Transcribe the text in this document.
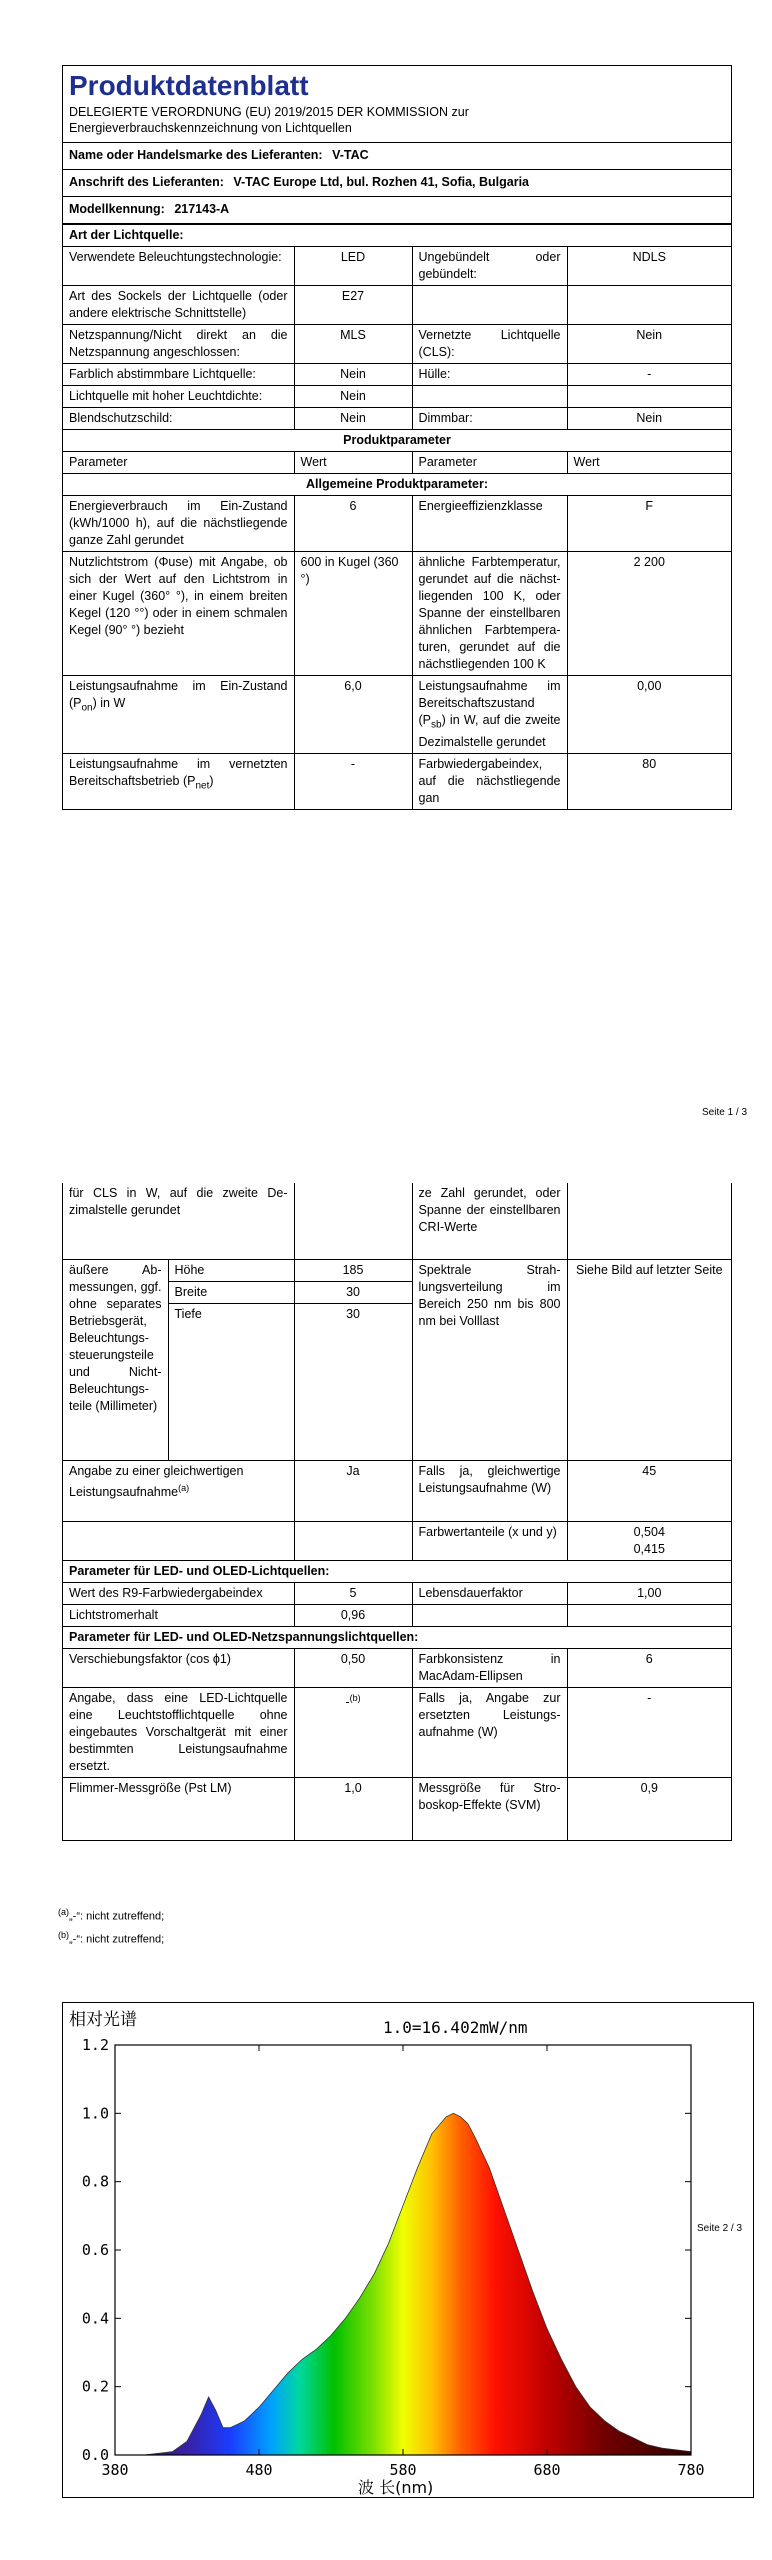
Produktdatenblatt
DELEGIERTE VERORDNUNG (EU) 2019/2015 DER KOMMISSION zur
Energieverbrauchskennzeichnung von Lichtquellen
Name oder Handelsmarke des Lieferanten: V-TAC
Anschrift des Lieferanten: V-TAC Europe Ltd, bul. Rozhen 41, Sofia, Bulgaria
Modellkennung: 217143-A
Art der Lichtquelle:			
Verwendete Beleuchtungstechnologie:	LED	Ungebündelt oder gebündelt:	NDLS
Art des Sockels der Lichtquelle (oder andere elektrische Schnittstelle)	E27		
Netzspannung/Nicht direkt an die Netzspannung angeschlossen:	MLS	Vernetzte Lichtquelle (CLS):	Nein
Farblich abstimmbare Lichtquelle:	Nein	Hülle:	-
Lichtquelle mit hoher Leuchtdichte:	Nein		
Blendschutzschild:	Nein	Dimmbar:	Nein
Produktparameter			
Parameter	Wert	Parameter	Wert
Allgemeine Produktparameter:			
Energieverbrauch im Ein-Zustand (kWh/1000 h), auf die nächstliegende ganze Zahl gerundet	6	Energieeffizienzklasse	F
Nutzlichtstrom (Φuse) mit Angabe, ob sich der Wert auf den Lichtstrom in einer Kugel (360° °), in einem breiten Kegel (120 °°) oder in einem schmalen Kegel (90° °) bezieht	600 in Kugel (360 °)	ähnliche Farbtemperatur, gerundet auf die nächstliegenden 100 K, oder Spanne der einstellbaren ähnlichen Farbtemperaturen, gerundet auf die nächstliegenden 100 K	2 200
Leistungsaufnahme im Ein-Zustand $(P_{on})$ in W	6,0	Leistungsaufnahme im Bereitschaftszustand $(P_{sb})$ in W, auf die zweite Dezimalstelle gerundet	0,00
Leistungsaufnahme im vernetzten Bereitschaftsbetrieb $(P_{net})$	-	Farbwiedergabeindex, auf die nächstliegende gan	80
Seite 1 / 3
für CLS in W, auf die zweite Dezimalstelle gerundet			ze Zahl gerundet, oder Spanne der einstellbaren CRI-Werte	
äußere Abmessungen, ggf. ohne separates Betriebsgerät, Beleuchtungssteuerungsteile und Nicht-Beleuchtungsteile (Millimeter)	Höhe	185	Spektrale Strahlungsverteilung im Bereich 250 nm bis 800 nm bei Volllast	Siehe Bild auf letzter Seite
	Breite	30		
	Tiefe	30		
Angabe zu einer gleichwertigen Leistungsaufnahme$^{(a)}$		Ja	Falls ja, gleichwertige Leistungsaufnahme (W)	45
			Farbwertanteile (x und y)	0,504
0,415

Parameter für LED- und OLED-Lichtquellen:				
Wert des R9-Farbwiedergabeindex		5	Lebensdauerfaktor	1,00
Lichtstromerhalt		0,96		
Parameter für LED- und OLED-Netzspannungslichtquellen:				
Verschiebungsfaktor (cos ϕ1)		0,50	Farbkonsistenz in MacAdam-Ellipsen	6
Angabe, dass eine LED-Lichtquelle eine Leuchtstofflichtquelle ohne eingebautes Vorschaltgerät mit einer bestimmten Leistungsaufnahme ersetzt.		-$^{(b)}$	Falls ja, Angabe zur ersetzten Leistungsaufnahme (W)	-
Flimmer-Messgröße (Pst LM)		1,0	Messgröße für Stroboskop-Effekte (SVM)	0,9
$^{(a)}$„-“: nicht zutreffend;
$^{(b)}$„-“: nicht zutreffend;
Seite 2 / 3
相对光谱	1.0=16.402mW/nm
0.0
0.2
0.4
0.6
0.8
1.0
1.2
380	480	580	680	780
波 长(nm)
